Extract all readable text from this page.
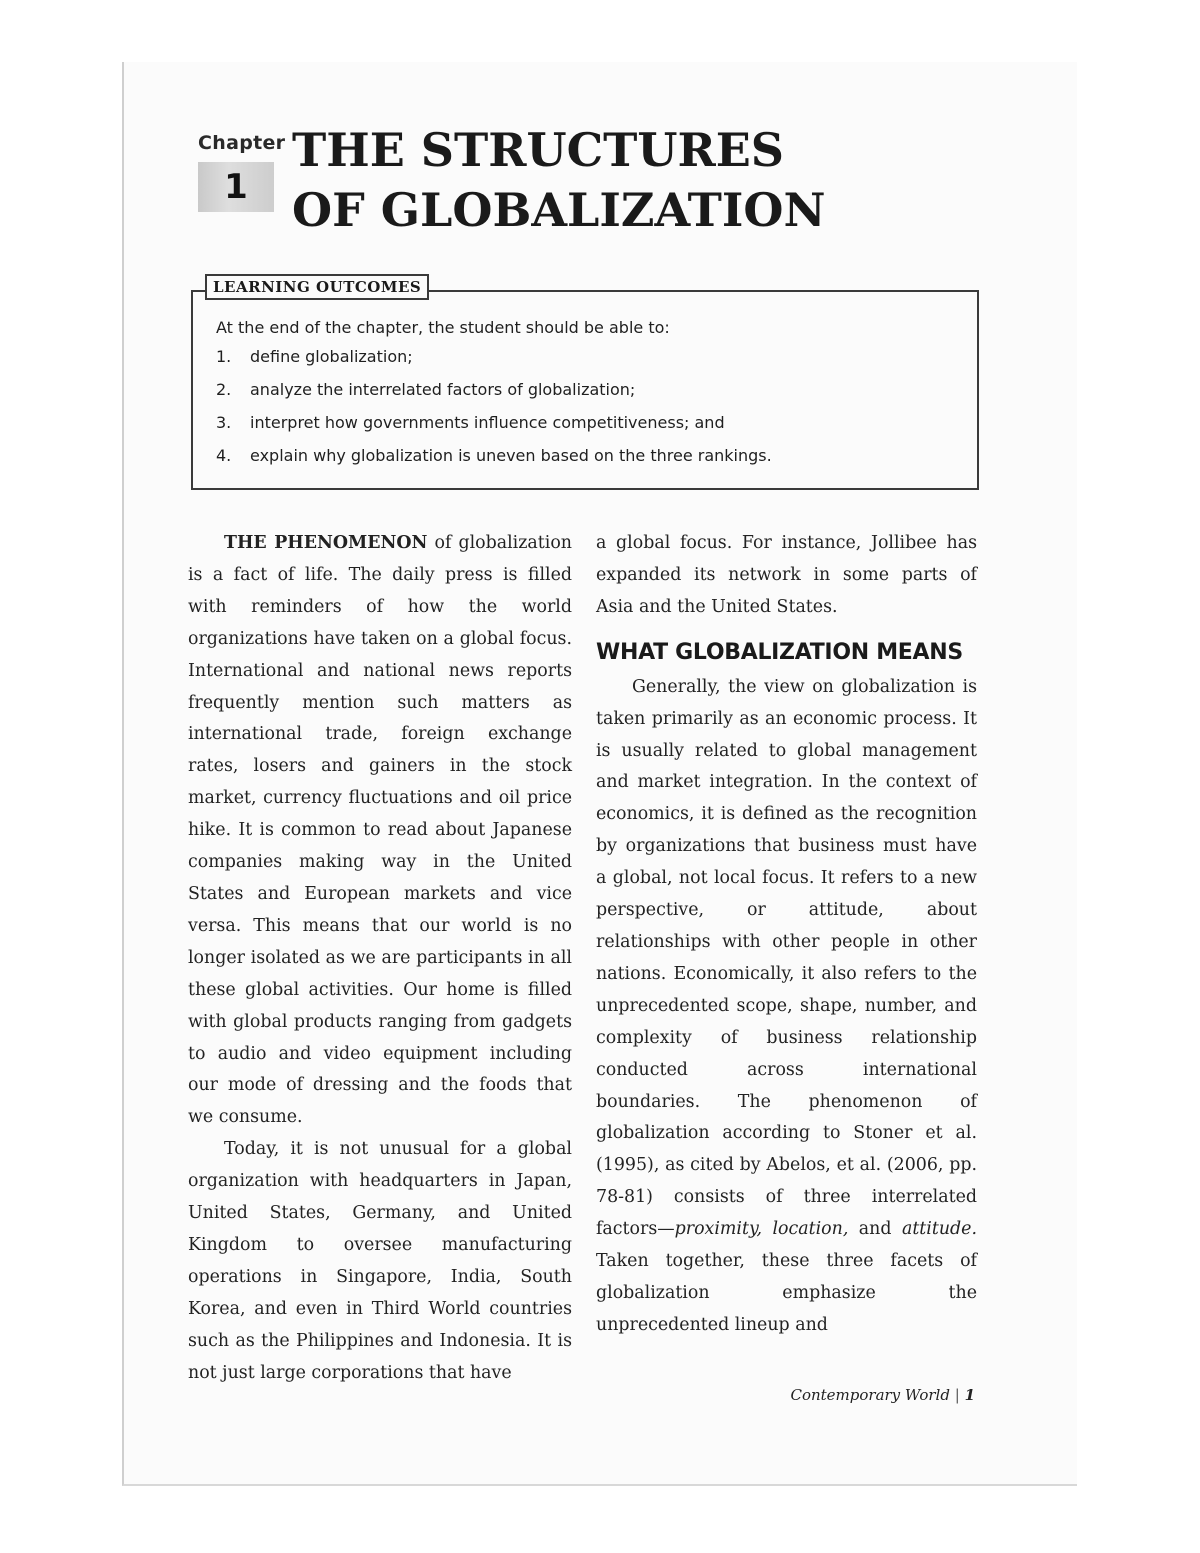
Chapter
1
THE STRUCTURES
OF GLOBALIZATION
LEARNING OUTCOMES
At the end of the chapter, the student should be able to:
1.	define globalization;
2.	analyze the interrelated factors of globalization;
3.	interpret how governments influence competitiveness; and
4.	explain why globalization is uneven based on the three rankings.

THE PHENOMENON of globalization is a fact of life. The daily press is filled with reminders of how the world organizations have taken on a global focus. International and national news reports frequently mention such matters as international trade, foreign exchange rates, losers and gainers in the stock market, currency fluctuations and oil price hike. It is common to read about Japanese companies making way in the United States and European markets and vice versa. This means that our world is no longer isolated as we are participants in all these global activities. Our home is filled with global products ranging from gadgets to audio and video equipment including our mode of dressing and the foods that we consume.

Today, it is not unusual for a global organization with headquarters in Japan, United States, Germany, and United Kingdom to oversee manufacturing operations in Singapore, India, South Korea, and even in Third World countries such as the Philippines and Indonesia. It is not just large corporations that have

a global focus. For instance, Jollibee has expanded its network in some parts of Asia and the United States.

WHAT GLOBALIZATION MEANS

Generally, the view on globalization is taken primarily as an economic process. It is usually related to global management and market integration. In the context of economics, it is defined as the recognition by organizations that business must have a global, not local focus. It refers to a new perspective, or attitude, about relationships with other people in other nations. Economically, it also refers to the unprecedented scope, shape, number, and complexity of business relationship conducted across international boundaries. The phenomenon of globalization according to Stoner et al. (1995), as cited by Abelos, et al. (2006, pp. 78-81) consists of three interrelated factors—proximity, location, and attitude. Taken together, these three facets of globalization emphasize the unprecedented lineup and

Contemporary World | 1
